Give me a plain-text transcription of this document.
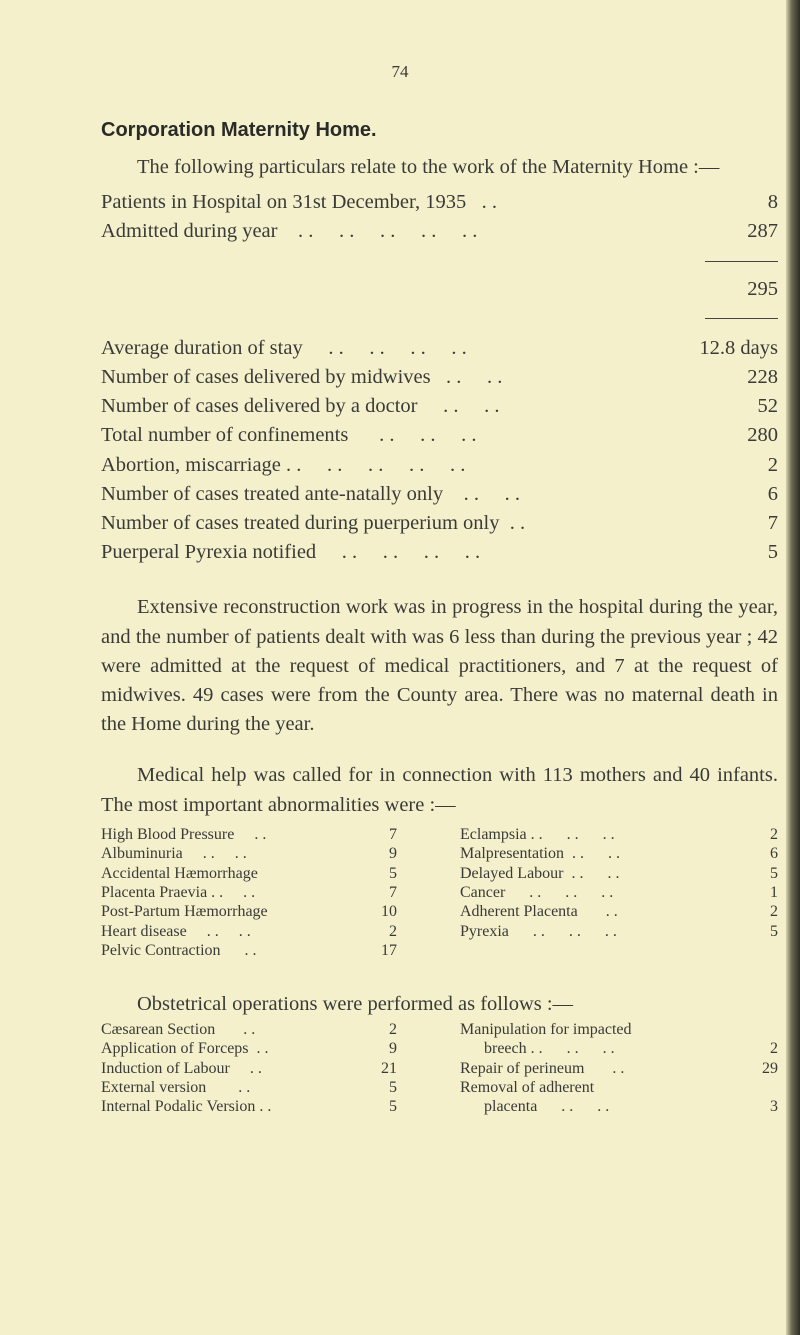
74
Corporation Maternity Home.
The following particulars relate to the work of the Maternity Home :—
Patients in Hospital on 31st December, 1935   . .	8
Admitted during year    . .     . .     . .     . .     . .	287
295
Average duration of stay     . .     . .     . .     . .	12.8 days
Number of cases delivered by midwives   . .     . .	228
Number of cases delivered by a doctor     . .     . .	52
Total number of confinements      . .     . .     . .	280
Abortion, miscarriage . .     . .     . .     . .     . .	2
Number of cases treated ante-natally only    . .     . .	6
Number of cases treated during puerperium only  . .	7
Puerperal Pyrexia notified     . .     . .     . .     . .	5
Extensive reconstruction work was in progress in the hospital during the year, and the number of patients dealt with was 6 less than during the previous year ; 42 were admitted at the request of medical practitioners, and 7 at the request of midwives. 49 cases were from the County area. There was no maternal death in the Home during the year.
Medical help was called for in connection with 113 mothers and 40 infants. The most important abnormalities were :—
High Blood Pressure     . .	7
Albuminuria     . .     . .	9
Accidental Hæmorrhage	5
Placenta Praevia . .     . .	7
Post-Partum Hæmorrhage	10
Heart disease     . .     . .	2
Pelvic Contraction      . .	17
Eclampsia . .      . .      . .	2
Malpresentation  . .      . .	6
Delayed Labour  . .      . .	5
Cancer      . .      . .      . .	1
Adherent Placenta       . .	2
Pyrexia      . .      . .      . .	5
Obstetrical operations were performed as follows :—
Cæsarean Section       . .	2
Application of Forceps  . .	9
Induction of Labour     . .	21
External version        . .	5
Internal Podalic Version . .	5
Manipulation for impacted
breech . .      . .      . .	2
Repair of perineum       . .	29
Removal of adherent
placenta      . .      . .	3
